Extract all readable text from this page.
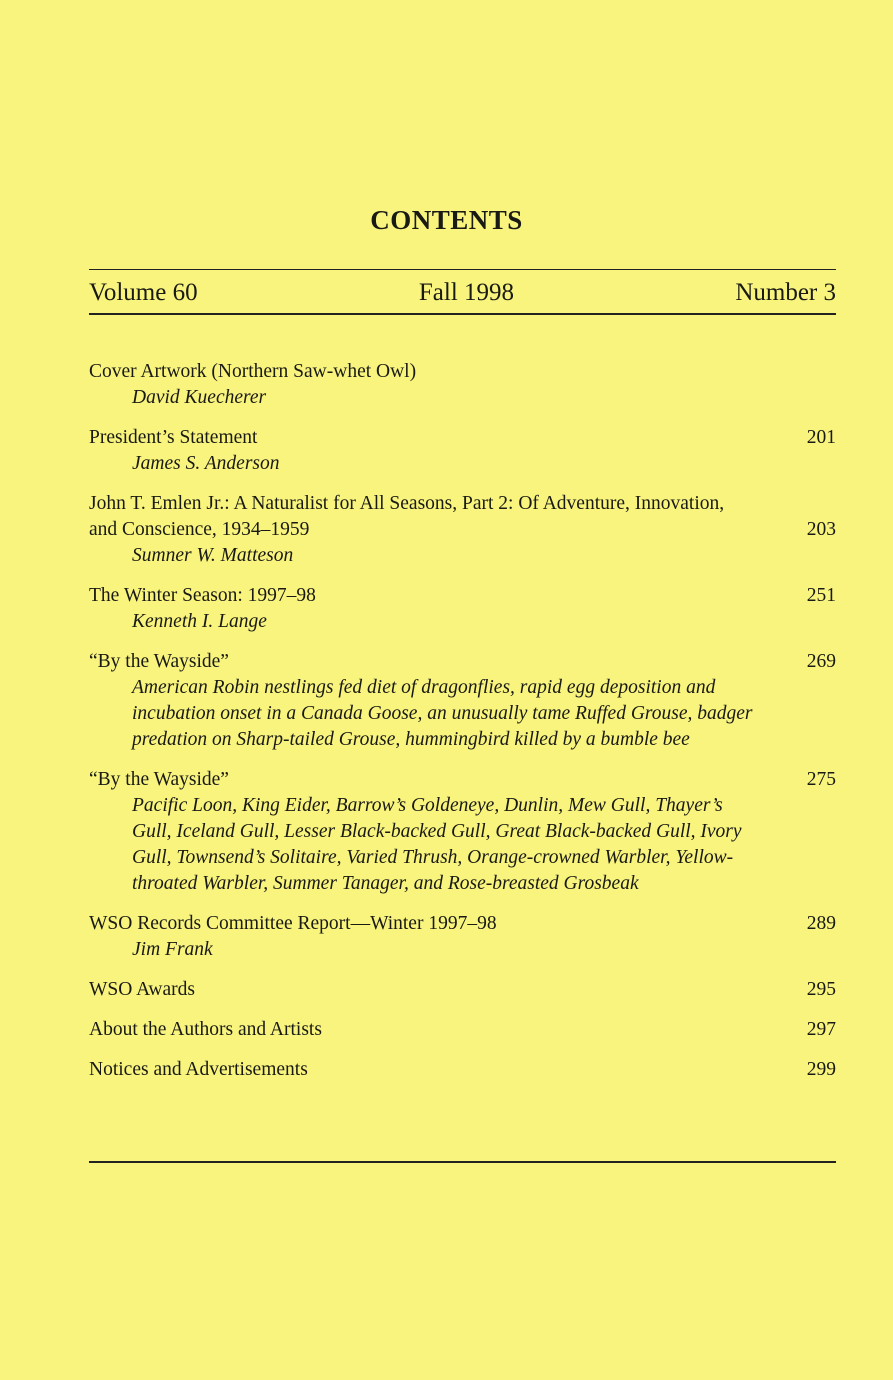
CONTENTS
Volume 60	Fall 1998	Number 3
Cover Artwork (Northern Saw-whet Owl)
David Kuecherer
201
President’s Statement
James S. Anderson
203
John T. Emlen Jr.: A Naturalist for All Seasons, Part 2: Of Adventure, Innovation, and Conscience, 1934–1959
Sumner W. Matteson
251
The Winter Season: 1997–98
Kenneth I. Lange
269
“By the Wayside”
American Robin nestlings fed diet of dragonflies, rapid egg deposition and incubation onset in a Canada Goose, an unusually tame Ruffed Grouse, badger predation on Sharp-tailed Grouse, hummingbird killed by a bumble bee
275
“By the Wayside”
Pacific Loon, King Eider, Barrow’s Goldeneye, Dunlin, Mew Gull, Thayer’s Gull, Iceland Gull, Lesser Black-backed Gull, Great Black-backed Gull, Ivory Gull, Townsend’s Solitaire, Varied Thrush, Orange-crowned Warbler, Yellow-throated Warbler, Summer Tanager, and Rose-breasted Grosbeak
289
WSO Records Committee Report—Winter 1997–98
Jim Frank
295
WSO Awards
297
About the Authors and Artists
299
Notices and Advertisements
